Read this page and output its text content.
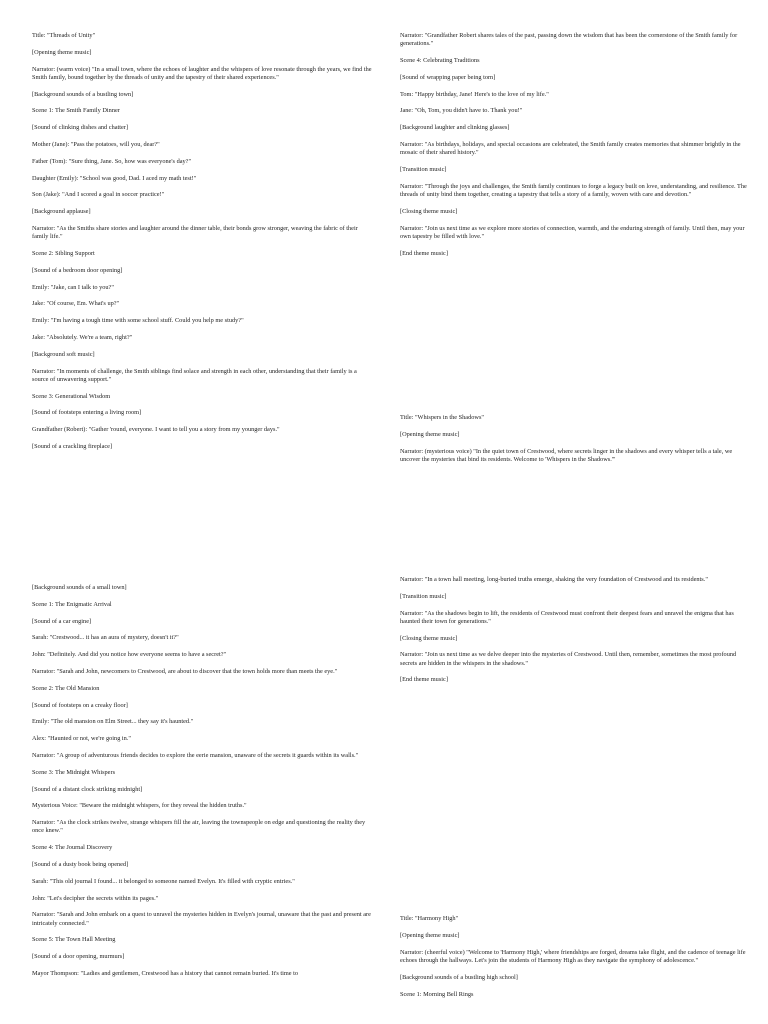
Title: "Threads of Unity"

[Opening theme music]

Narrator: (warm voice) "In a small town, where the echoes of laughter and the whispers of love resonate through the years, we find the Smith family, bound together by the threads of unity and the tapestry of their shared experiences."

[Background sounds of a bustling town]

Scene 1: The Smith Family Dinner

[Sound of clinking dishes and chatter]

Mother (Jane): "Pass the potatoes, will you, dear?"

Father (Tom): "Sure thing, Jane. So, how was everyone's day?"

Daughter (Emily): "School was good, Dad. I aced my math test!"

Son (Jake): "And I scored a goal in soccer practice!"

[Background applause]

Narrator: "As the Smiths share stories and laughter around the dinner table, their bonds grow stronger, weaving the fabric of their family life."

Scene 2: Sibling Support

[Sound of a bedroom door opening]

Emily: "Jake, can I talk to you?"

Jake: "Of course, Em. What's up?"

Emily: "I'm having a tough time with some school stuff. Could you help me study?"

Jake: "Absolutely. We're a team, right?"

[Background soft music]

Narrator: "In moments of challenge, the Smith siblings find solace and strength in each other, understanding that their family is a source of unwavering support."

Scene 3: Generational Wisdom

[Sound of footsteps entering a living room]

Grandfather (Robert): "Gather 'round, everyone. I want to tell you a story from my younger days."

[Sound of a crackling fireplace]

Narrator: "Grandfather Robert shares tales of the past, passing down the wisdom that has been the cornerstone of the Smith family for generations."

Scene 4: Celebrating Traditions

[Sound of wrapping paper being torn]

Tom: "Happy birthday, Jane! Here's to the love of my life."

Jane: "Oh, Tom, you didn't have to. Thank you!"

[Background laughter and clinking glasses]

Narrator: "As birthdays, holidays, and special occasions are celebrated, the Smith family creates memories that shimmer brightly in the mosaic of their shared history."

[Transition music]

Narrator: "Through the joys and challenges, the Smith family continues to forge a legacy built on love, understanding, and resilience. The threads of unity bind them together, creating a tapestry that tells a story of a family, woven with care and devotion."

[Closing theme music]

Narrator: "Join us next time as we explore more stories of connection, warmth, and the enduring strength of family. Until then, may your own tapestry be filled with love."

[End theme music]

Title: "Whispers in the Shadows"

[Opening theme music]

Narrator: (mysterious voice) "In the quiet town of Crestwood, where secrets linger in the shadows and every whisper tells a tale, we uncover the mysteries that bind its residents. Welcome to 'Whispers in the Shadows.'"

[Background sounds of a small town]

Scene 1: The Enigmatic Arrival

[Sound of a car engine]

Sarah: "Crestwood... it has an aura of mystery, doesn't it?"

John: "Definitely. And did you notice how everyone seems to have a secret?"

Narrator: "Sarah and John, newcomers to Crestwood, are about to discover that the town holds more than meets the eye."

Scene 2: The Old Mansion

[Sound of footsteps on a creaky floor]

Emily: "The old mansion on Elm Street... they say it's haunted."

Alex: "Haunted or not, we're going in."

Narrator: "A group of adventurous friends decides to explore the eerie mansion, unaware of the secrets it guards within its walls."

Scene 3: The Midnight Whispers

[Sound of a distant clock striking midnight]

Mysterious Voice: "Beware the midnight whispers, for they reveal the hidden truths."

Narrator: "As the clock strikes twelve, strange whispers fill the air, leaving the townspeople on edge and questioning the reality they once knew."

Scene 4: The Journal Discovery

[Sound of a dusty book being opened]

Sarah: "This old journal I found... it belonged to someone named Evelyn. It's filled with cryptic entries."

John: "Let's decipher the secrets within its pages."

Narrator: "Sarah and John embark on a quest to unravel the mysteries hidden in Evelyn's journal, unaware that the past and present are intricately connected."

Scene 5: The Town Hall Meeting

[Sound of a door opening, murmurs]

Mayor Thompson: "Ladies and gentlemen, Crestwood has a history that cannot remain buried. It's time to

Narrator: "In a town hall meeting, long-buried truths emerge, shaking the very foundation of Crestwood and its residents."

[Transition music]

Narrator: "As the shadows begin to lift, the residents of Crestwood must confront their deepest fears and unravel the enigma that has haunted their town for generations."

[Closing theme music]

Narrator: "Join us next time as we delve deeper into the mysteries of Crestwood. Until then, remember, sometimes the most profound secrets are hidden in the whispers in the shadows."

[End theme music]

Title: "Harmony High"

[Opening theme music]

Narrator: (cheerful voice) "Welcome to 'Harmony High,' where friendships are forged, dreams take flight, and the cadence of teenage life echoes through the hallways. Let's join the students of Harmony High as they navigate the symphony of adolescence."

[Background sounds of a bustling high school]

Scene 1: Morning Bell Rings
